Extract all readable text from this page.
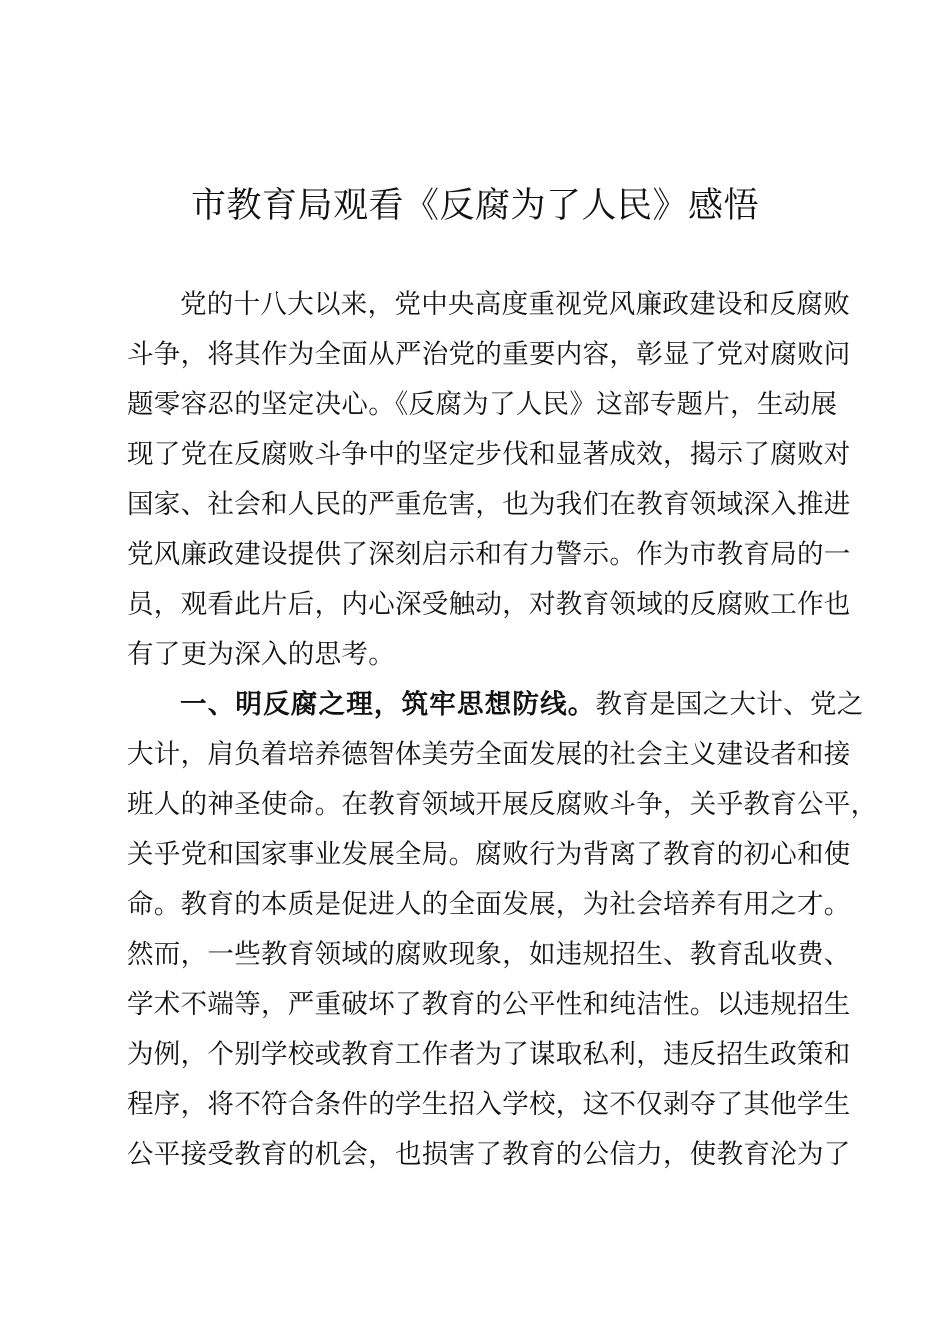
市教育局观看《反腐为了人民》感悟
党的十八大以来，党中央高度重视党风廉政建设和反腐败
斗争，将其作为全面从严治党的重要内容，彰显了党对腐败问
题零容忍的坚定决心。《反腐为了人民》这部专题片，生动展
现了党在反腐败斗争中的坚定步伐和显著成效，揭示了腐败对
国家、社会和人民的严重危害，也为我们在教育领域深入推进
党风廉政建设提供了深刻启示和有力警示。作为市教育局的一
员，观看此片后，内心深受触动，对教育领域的反腐败工作也
有了更为深入的思考。
一、明反腐之理，筑牢思想防线。教育是国之大计、党之
大计，肩负着培养德智体美劳全面发展的社会主义建设者和接
班人的神圣使命。在教育领域开展反腐败斗争，关乎教育公平，
关乎党和国家事业发展全局。腐败行为背离了教育的初心和使
命。教育的本质是促进人的全面发展，为社会培养有用之才。
然而，一些教育领域的腐败现象，如违规招生、教育乱收费、
学术不端等，严重破坏了教育的公平性和纯洁性。以违规招生
为例，个别学校或教育工作者为了谋取私利，违反招生政策和
程序，将不符合条件的学生招入学校，这不仅剥夺了其他学生
公平接受教育的机会，也损害了教育的公信力，使教育沦为了
